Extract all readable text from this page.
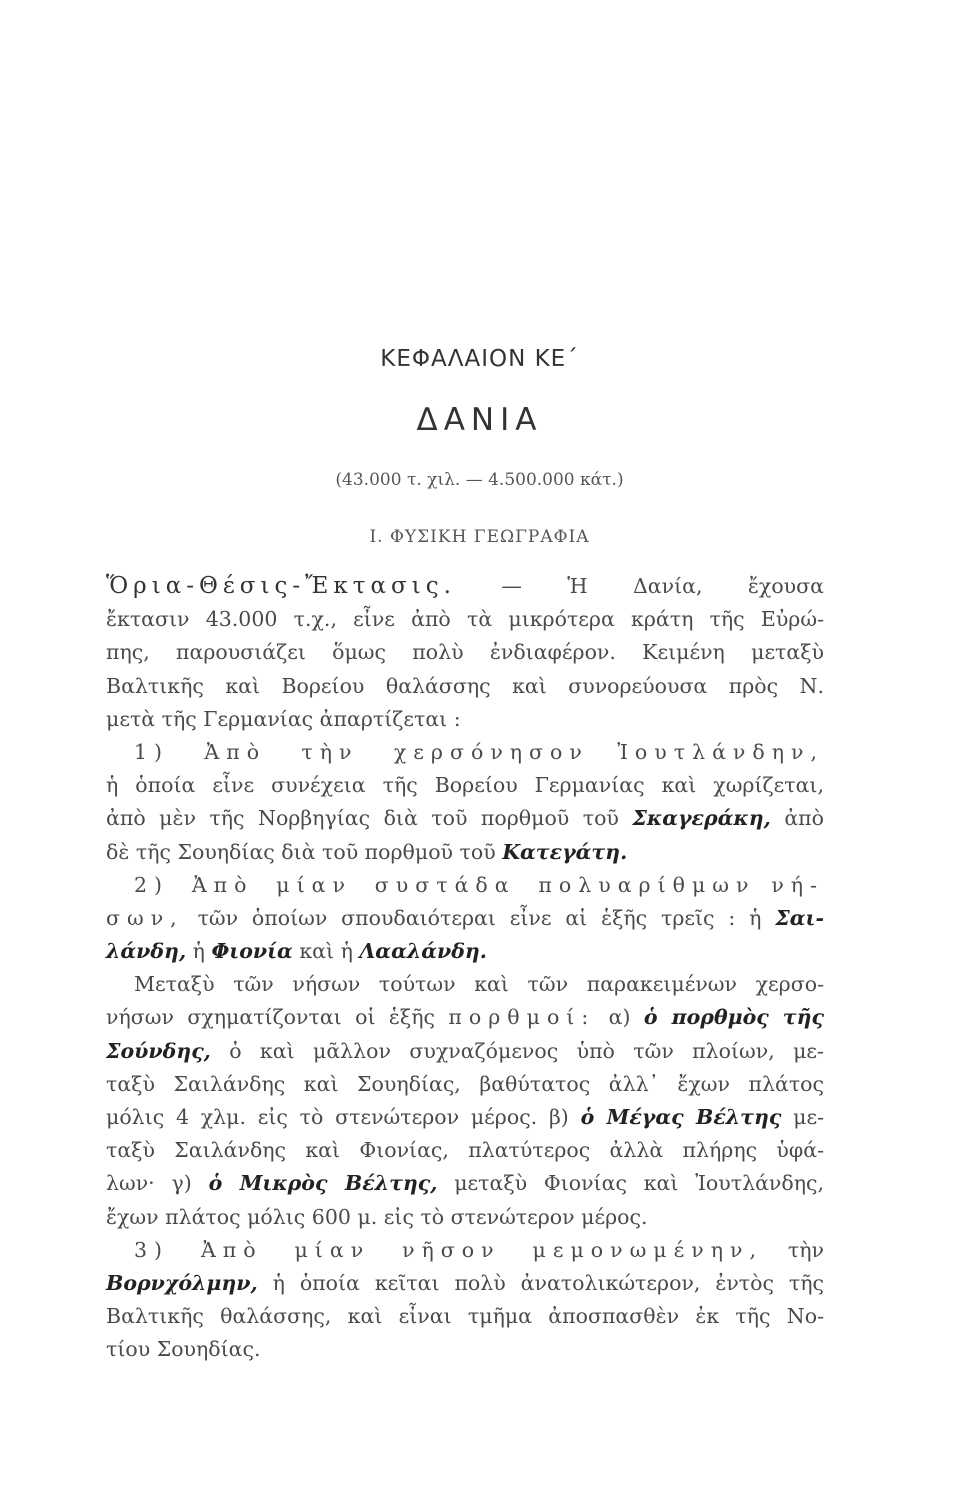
ΚΕΦΑΛΑΙΟΝ ΚΕ΄
ΔΑΝΙΑ
(43.000 τ. χιλ. — 4.500.000 κάτ.)
Ι. ΦΥΣΙΚΗ ΓΕΩΓΡΑΦΙΑ
Ὅρια-Θέσις-Ἔκτασις. — Ἡ Δανία, ἔχουσα
ἔκτασιν 43.000 τ.χ., εἶνε ἀπὸ τὰ μικρότερα κράτη τῆς Εὐρώ-
πης, παρουσιάζει ὅμως πολὺ ἐνδιαφέρον. Κειμένη μεταξὺ
Βαλτικῆς καὶ Βορείου θαλάσσης καὶ συνορεύουσα πρὸς Ν.
μετὰ τῆς Γερμανίας ἀπαρτίζεται :
1) Ἀπὸ τὴν χερσόνησον Ἰουτλάνδην,
ἡ ὁποία εἶνε συνέχεια τῆς Βορείου Γερμανίας καὶ χωρίζεται,
ἀπὸ μὲν τῆς Νορβηγίας διὰ τοῦ πορθμοῦ τοῦ Σκαγεράκη, ἀπὸ
δὲ τῆς Σουηδίας διὰ τοῦ πορθμοῦ τοῦ Κατεγάτη.
2) Ἀπὸ μίαν συστάδα πολυαρίθμων νή-
σων, τῶν ὁποίων σπουδαιότεραι εἶνε αἱ ἑξῆς τρεῖς : ἡ Σαι-
λάνδη, ἡ Φιονία καὶ ἡ Λααλάνδη.
Μεταξὺ τῶν νήσων τούτων καὶ τῶν παρακειμένων χερσο-
νήσων σχηματίζονται οἱ ἑξῆς πορθμοί: α) ὁ πορθμὸς τῆς
Σούνδης, ὁ καὶ μᾶλλον συχναζόμενος ὑπὸ τῶν πλοίων, με-
ταξὺ Σαιλάνδης καὶ Σουηδίας, βαθύτατος ἀλλ᾽ ἔχων πλάτος
μόλις 4 χλμ. εἰς τὸ στενώτερον μέρος. β) ὁ Μέγας Βέλτης με-
ταξὺ Σαιλάνδης καὶ Φιονίας, πλατύτερος ἀλλὰ πλήρης ὑφά-
λων· γ) ὁ Μικρὸς Βέλτης, μεταξὺ Φιονίας καὶ Ἰουτλάνδης,
ἔχων πλάτος μόλις 600 μ. εἰς τὸ στενώτερον μέρος.
3) Ἀπὸ μίαν νῆσον μεμονωμένην, τὴν
Βορνχόλμην, ἡ ὁποία κεῖται πολὺ ἀνατολικώτερον, ἐντὸς τῆς
Βαλτικῆς θαλάσσης, καὶ εἶναι τμῆμα ἀποσπασθὲν ἐκ τῆς Νο-
τίου Σουηδίας.
